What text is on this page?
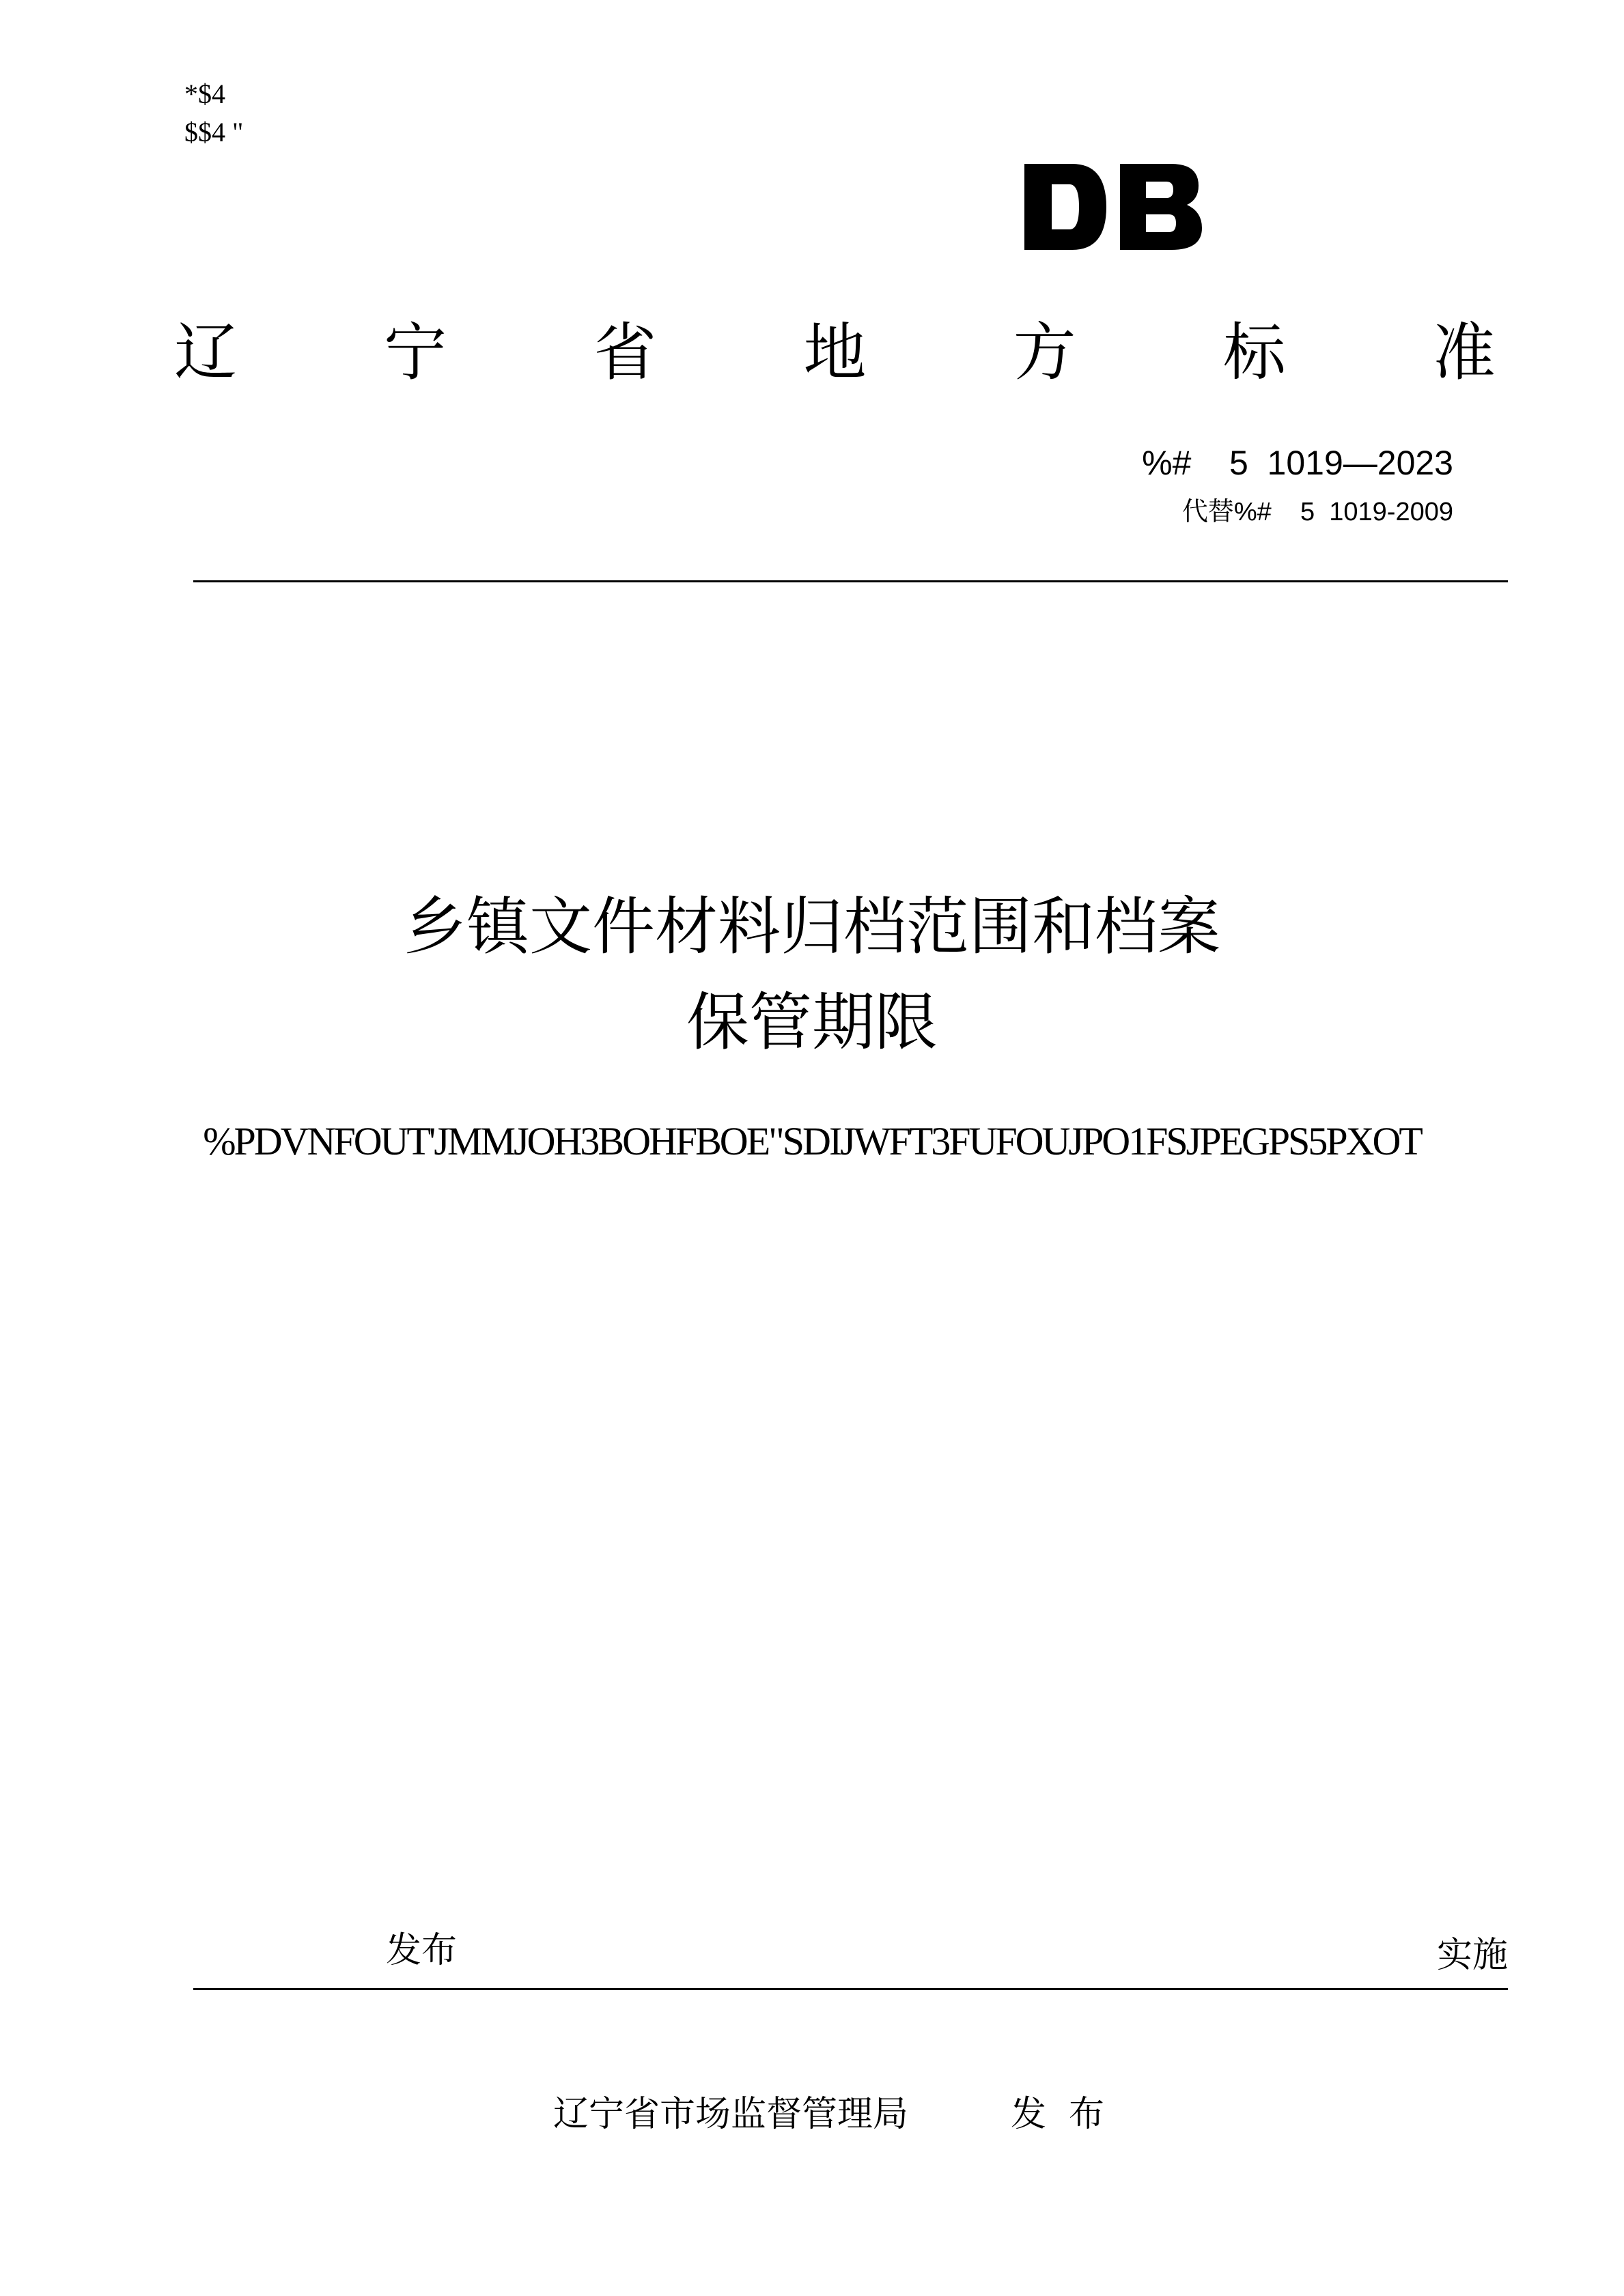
*$4
$$4 "
辽 宁 省 地 方 标 准
%#    5  1019—2023
代替%#    5  1019-2009
乡镇文件材料归档范围和档案
保管期限
%PDVNFOUT'JMMJOH3BOHFBOE"SDIJWFT3FUFOUJPO1FSJPEGPS5PXOT
发布	实施
辽宁省市场监督管理局	发  布
